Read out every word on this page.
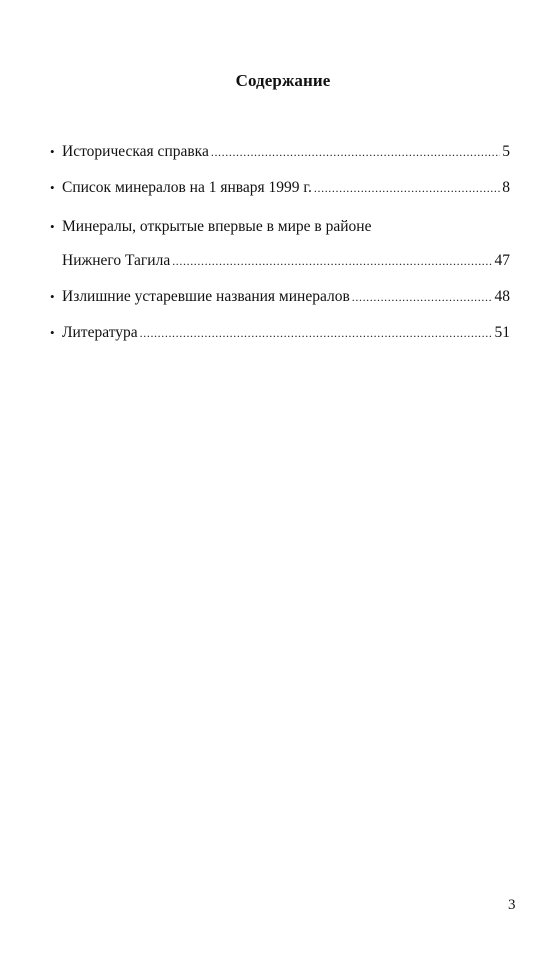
Содержание
• Историческая справка .....	5
• Список минералов на 1 января 1999 г. .....	8
• Минералы, открытые впервые в мире в районе
Нижнего Тагила .....	47
• Излишние устаревшие названия минералов .....	48
• Литература .....	51
3
